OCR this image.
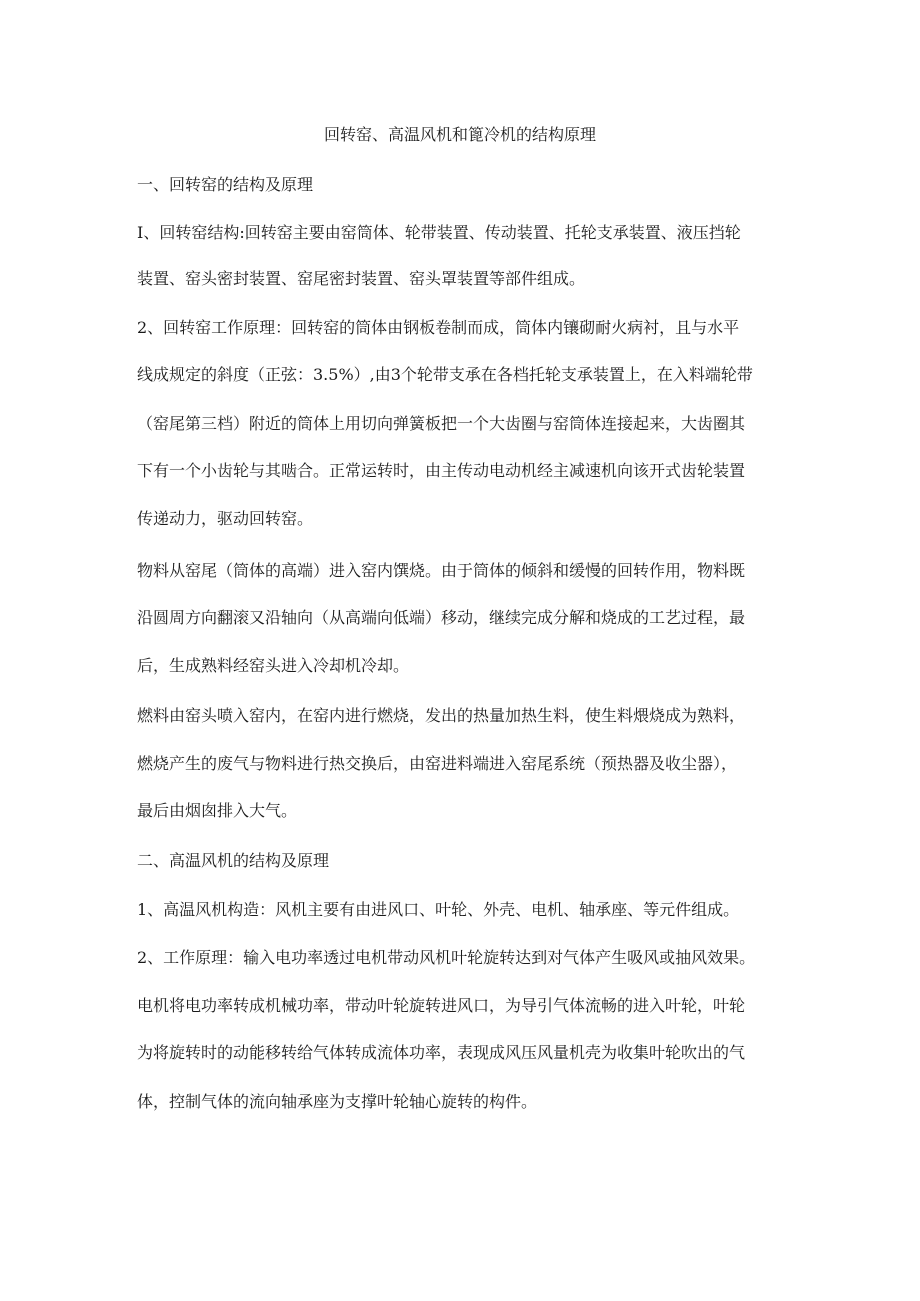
回转窑、高温风机和篦冷机的结构原理

一、回转窑的结构及原理

I、回转窑结构:回转窑主要由窑筒体、轮带装置、传动装置、托轮支承装置、液压挡轮

装置、窑头密封装置、窑尾密封装置、窑头罩装置等部件组成。

2、回转窑工作原理：回转窑的筒体由钢板卷制而成，筒体内镶砌耐火病衬，且与水平

线成规定的斜度（正弦：3.5%）,由3个轮带支承在各档托轮支承装置上，在入料端轮带

（窑尾第三档）附近的筒体上用切向弹簧板把一个大齿圈与窑筒体连接起来，大齿圈其

下有一个小齿轮与其啮合。正常运转时，由主传动电动机经主减速机向该开式齿轮装置

传递动力，驱动回转窑。

物料从窑尾（筒体的高端）进入窑内馔烧。由于筒体的倾斜和缓慢的回转作用，物料既

沿圆周方向翻滚又沿轴向（从高端向低端）移动，继续完成分解和烧成的工艺过程，最

后，生成熟料经窑头进入冷却机冷却。

燃料由窑头喷入窑内，在窑内进行燃烧，发出的热量加热生料，使生料煨烧成为熟料，

燃烧产生的废气与物料进行热交换后，由窑进料端进入窑尾系统（预热器及收尘器），

最后由烟囱排入大气。

二、高温风机的结构及原理

1、高温风机构造：风机主要有由进风口、叶轮、外壳、电机、轴承座、等元件组成。

2、工作原理：输入电功率透过电机带动风机叶轮旋转达到对气体产生吸风或抽风效果。

电机将电功率转成机械功率，带动叶轮旋转进风口，为导引气体流畅的进入叶轮，叶轮

为将旋转时的动能移转给气体转成流体功率，表现成风压风量机壳为收集叶轮吹出的气

体，控制气体的流向轴承座为支撑叶轮轴心旋转的构件。
